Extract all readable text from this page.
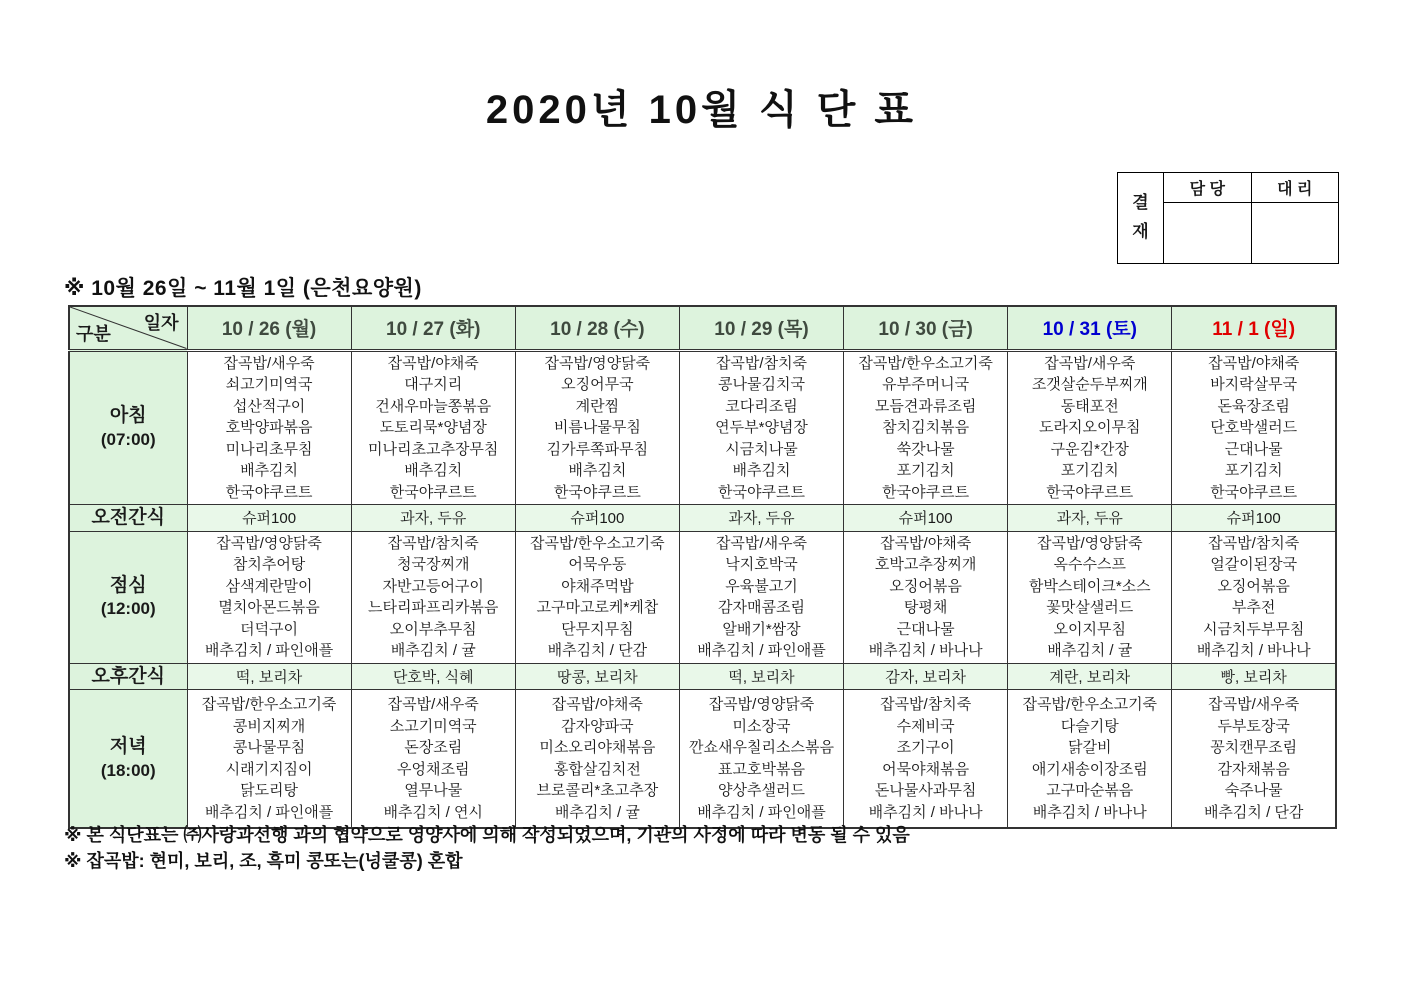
2020년 10월 식 단 표
결재
담 당	대 리
※ 10월 26일 ~ 11월 1일 (은천요양원)
일자
구분	10 / 26 (월)	10 / 27 (화)	10 / 28 (수)	10 / 29 (목)	10 / 30 (금)	10 / 31 (토)	11 / 1 (일)

아침
(07:00)

잡곡밥/새우죽
쇠고기미역국
섭산적구이
호박양파볶음
미나리초무침
배추김치
한국야쿠르트

잡곡밥/야채죽
대구지리
건새우마늘쫑볶음
도토리묵*양념장
미나리초고추장무침
배추김치
한국야쿠르트

잡곡밥/영양닭죽
오징어무국
계란찜
비름나물무침
김가루쪽파무침
배추김치
한국야쿠르트

잡곡밥/참치죽
콩나물김치국
코다리조림
연두부*양념장
시금치나물
배추김치
한국야쿠르트

잡곡밥/한우소고기죽
유부주머니국
모듬견과류조림
참치김치볶음
쑥갓나물
포기김치
한국야쿠르트

잡곡밥/새우죽
조갯살순두부찌개
동태포전
도라지오이무침
구운김*간장
포기김치
한국야쿠르트

잡곡밥/야채죽
바지락살무국
돈육장조림
단호박샐러드
근대나물
포기김치
한국야쿠르트

오전간식	슈퍼100	과자, 두유	슈퍼100	과자, 두유	슈퍼100	과자, 두유	슈퍼100

점심
(12:00)

잡곡밥/영양닭죽
참치추어탕
삼색계란말이
멸치아몬드볶음
더덕구이
배추김치 / 파인애플

잡곡밥/참치죽
청국장찌개
자반고등어구이
느타리파프리카볶음
오이부추무침
배추김치 / 귤

잡곡밥/한우소고기죽
어묵우동
야채주먹밥
고구마고로케*케찹
단무지무침
배추김치 / 단감

잡곡밥/새우죽
낙지호박국
우육불고기
감자매콤조림
알배기*쌈장
배추김치 / 파인애플

잡곡밥/야채죽
호박고추장찌개
오징어볶음
탕평채
근대나물
배추김치 / 바나나

잡곡밥/영양닭죽
옥수수스프
함박스테이크*소스
꽃맛살샐러드
오이지무침
배추김치 / 귤

잡곡밥/참치죽
얼갈이된장국
오징어볶음
부추전
시금치두부무침
배추김치 / 바나나

오후간식	떡, 보리차	단호박, 식혜	땅콩, 보리차	떡, 보리차	감자, 보리차	계란, 보리차	빵, 보리차

저녁
(18:00)

잡곡밥/한우소고기죽
콩비지찌개
콩나물무침
시래기지짐이
닭도리탕
배추김치 / 파인애플

잡곡밥/새우죽
소고기미역국
돈장조림
우엉채조림
열무나물
배추김치 / 연시

잡곡밥/야채죽
감자양파국
미소오리야채볶음
홍합살김치전
브로콜리*초고추장
배추김치 / 귤

잡곡밥/영양닭죽
미소장국
깐쇼새우칠리소스볶음
표고호박볶음
양상추샐러드
배추김치 / 파인애플

잡곡밥/참치죽
수제비국
조기구이
어묵야채볶음
돈나물사과무침
배추김치 / 바나나

잡곡밥/한우소고기죽
다슬기탕
닭갈비
애기새송이장조림
고구마순볶음
배추김치 / 바나나

잡곡밥/새우죽
두부토장국
꽁치캔무조림
감자채볶음
숙주나물
배추김치 / 단감
※ 본 식단표는 ㈜사랑과선행 과의 협약으로 영양사에 의해 작성되었으며, 기관의 사정에 따라 변동 될 수 있음
※ 잡곡밥: 현미, 보리, 조, 흑미 콩또는(넝쿨콩) 혼합
